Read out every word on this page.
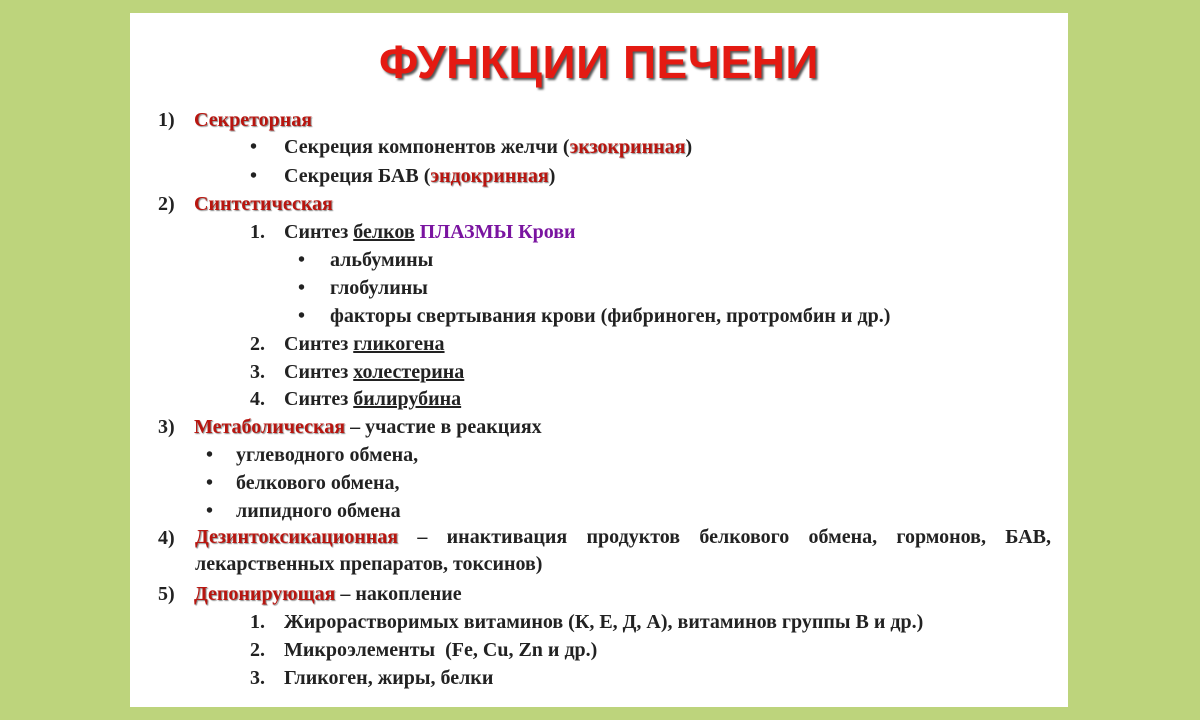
ФУНКЦИИ ПЕЧЕНИ
1) Секреторная
• Секреция компонентов желчи (экзокринная)
• Секреция БАВ (эндокринная)
2) Синтетическая
1. Синтез белков ПЛАЗМЫ Крови
• альбумины
• глобулины
• факторы свертывания крови (фибриноген, протромбин и др.)
2. Синтез гликогена
3. Синтез холестерина
4. Синтез билирубина
3) Метаболическая – участие в реакциях
• углеводного обмена,
• белкового обмена,
• липидного обмена
4) Дезинтоксикационная – инактивация продуктов белкового обмена, гормонов, БАВ, лекарственных препаратов, токсинов)
5) Депонирующая – накопление
1. Жирорастворимых витаминов (К, Е, Д, А), витаминов группы В и др.)
2. Микроэлементы  (Fe, Cu, Zn и др.)
3. Гликоген, жиры, белки
